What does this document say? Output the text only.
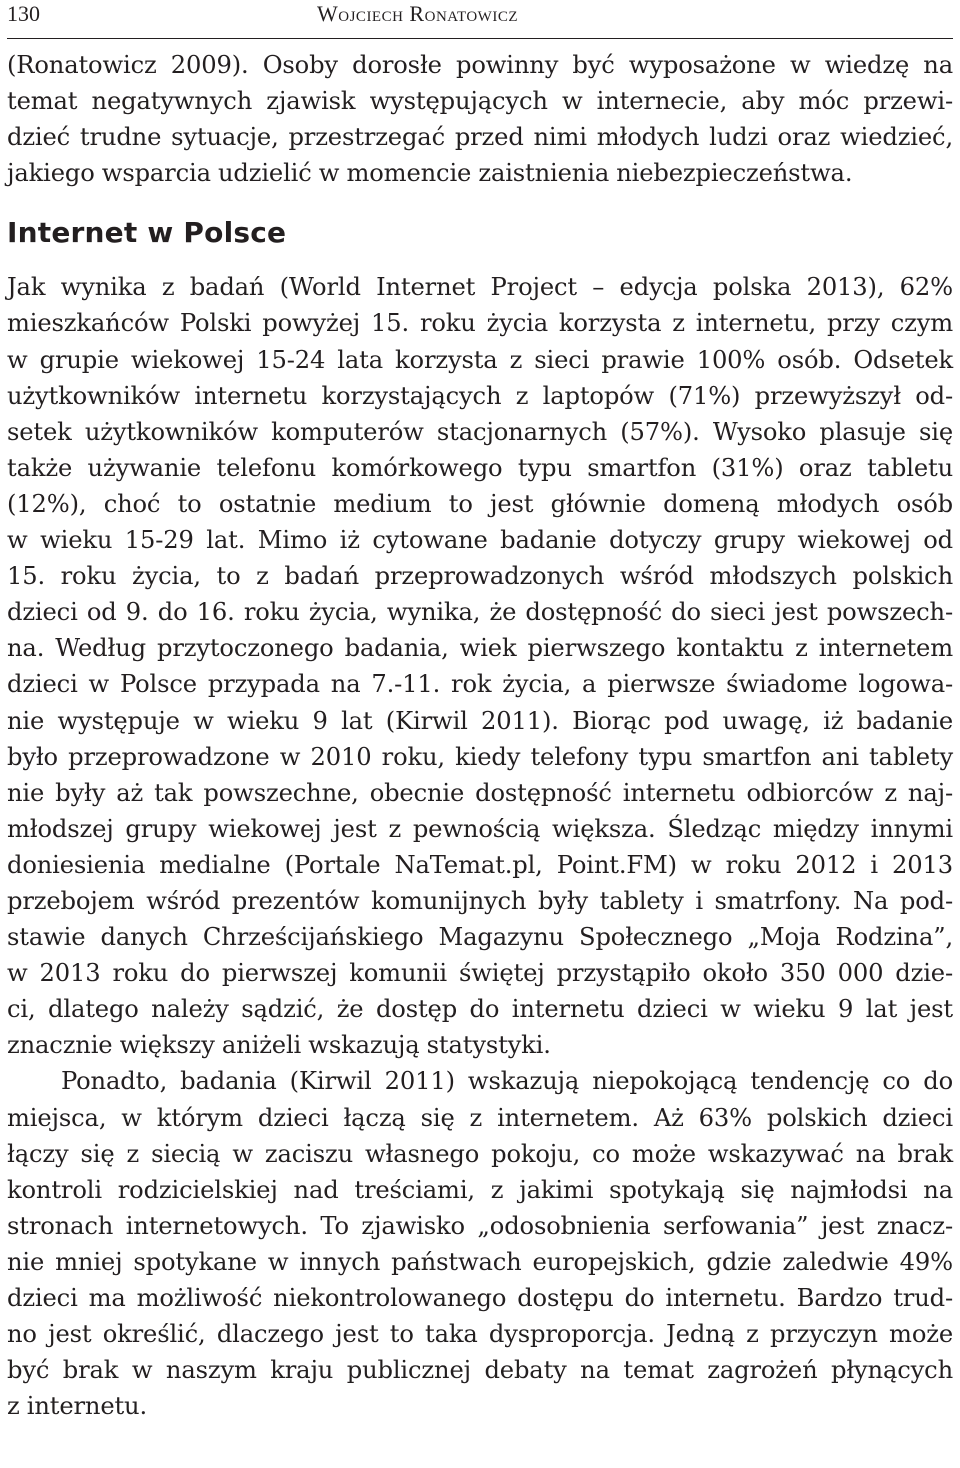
130	Wojciech Ronatowicz
(Ronatowicz 2009). Osoby dorosłe powinny być wyposażone w wiedzę na
temat negatywnych zjawisk występujących w internecie, aby móc przewi-
dzieć trudne sytuacje, przestrzegać przed nimi młodych ludzi oraz wiedzieć,
jakiego wsparcia udzielić w momencie zaistnienia niebezpieczeństwa.
Internet w Polsce
Jak wynika z badań (World Internet Project – edycja polska 2013), 62%
mieszkańców Polski powyżej 15. roku życia korzysta z internetu, przy czym
w grupie wiekowej 15-24 lata korzysta z sieci prawie 100% osób. Odsetek
użytkowników internetu korzystających z laptopów (71%) przewyższył od-
setek użytkowników komputerów stacjonarnych (57%). Wysoko plasuje się
także używanie telefonu komórkowego typu smartfon (31%) oraz tabletu
(12%), choć to ostatnie medium to jest głównie domeną młodych osób
w wieku 15-29 lat. Mimo iż cytowane badanie dotyczy grupy wiekowej od
15. roku życia, to z badań przeprowadzonych wśród młodszych polskich
dzieci od 9. do 16. roku życia, wynika, że dostępność do sieci jest powszech-
na. Według przytoczonego badania, wiek pierwszego kontaktu z internetem
dzieci w Polsce przypada na 7.-11. rok życia, a pierwsze świadome logowa-
nie występuje w wieku 9 lat (Kirwil 2011). Biorąc pod uwagę, iż badanie
było przeprowadzone w 2010 roku, kiedy telefony typu smartfon ani tablety
nie były aż tak powszechne, obecnie dostępność internetu odbiorców z naj-
młodszej grupy wiekowej jest z pewnością większa. Śledząc między innymi
doniesienia medialne (Portale NaTemat.pl, Point.FM) w roku 2012 i 2013
przebojem wśród prezentów komunijnych były tablety i smatrfony. Na pod-
stawie danych Chrześcijańskiego Magazynu Społecznego „Moja Rodzina”,
w 2013 roku do pierwszej komunii świętej przystąpiło około 350 000 dzie-
ci, dlatego należy sądzić, że dostęp do internetu dzieci w wieku 9 lat jest
znacznie większy aniżeli wskazują statystyki.
Ponadto, badania (Kirwil 2011) wskazują niepokojącą tendencję co do
miejsca, w którym dzieci łączą się z internetem. Aż 63% polskich dzieci
łączy się z siecią w zaciszu własnego pokoju, co może wskazywać na brak
kontroli rodzicielskiej nad treściami, z jakimi spotykają się najmłodsi na
stronach internetowych. To zjawisko „odosobnienia serfowania” jest znacz-
nie mniej spotykane w innych państwach europejskich, gdzie zaledwie 49%
dzieci ma możliwość niekontrolowanego dostępu do internetu. Bardzo trud-
no jest określić, dlaczego jest to taka dysproporcja. Jedną z przyczyn może
być brak w naszym kraju publicznej debaty na temat zagrożeń płynących
z internetu.
